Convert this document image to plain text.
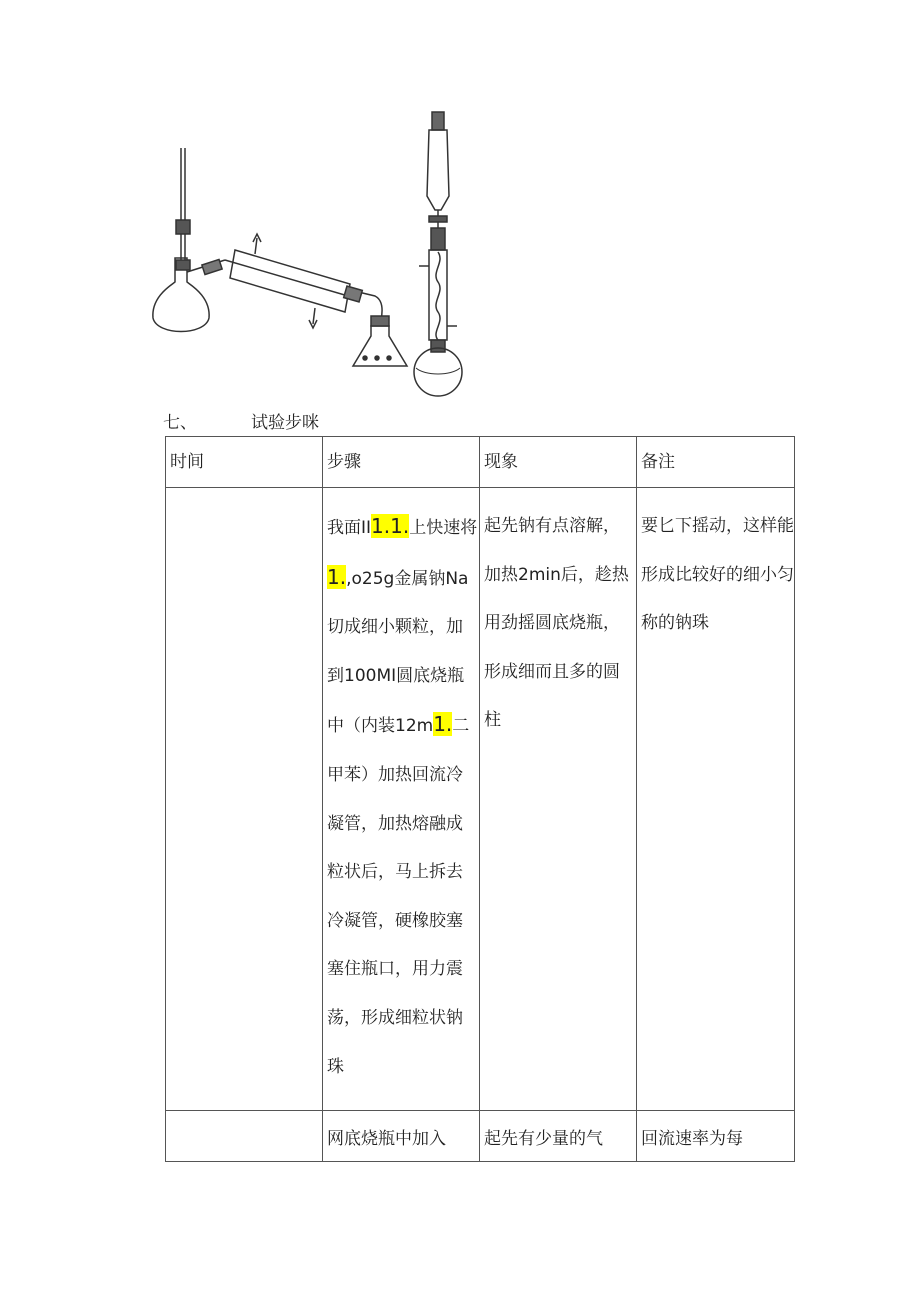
七、	试验步咪
时间	步骤	现象	备注

	我面II1.1.上快速将1.,o25g金属钠Na切成细小颗粒，加到100MI圆底烧瓶中（内装12m1.二甲苯）加热回流冷凝管，加热熔融成粒状后，马上拆去冷凝管，硬橡胶塞塞住瓶口，用力震荡，形成细粒状钠珠	起先钠有点溶解，加热2min后，趁热用劲摇圆底烧瓶，形成细而且多的圆柱	要匕下摇动，这样能形成比较好的细小匀称的钠珠

	网底烧瓶中加入	起先有少量的气	回流速率为每
